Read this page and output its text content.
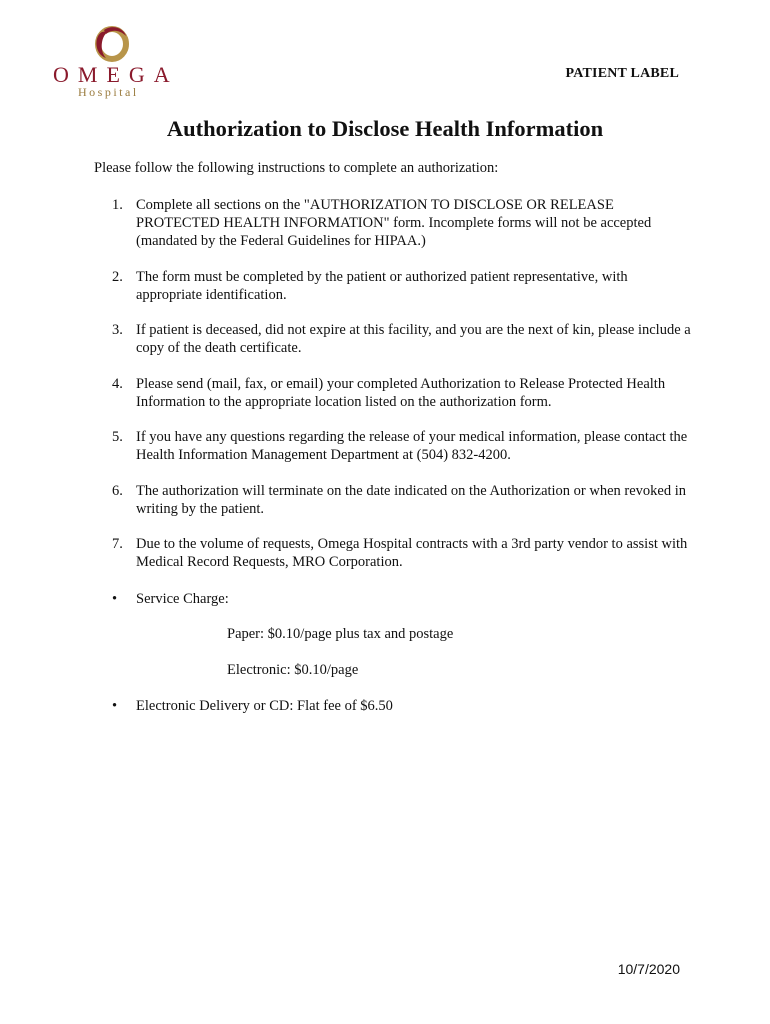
OMEGA
Hospital
PATIENT LABEL
Authorization to Disclose Health Information

Please follow the following instructions to complete an authorization:

1. Complete all sections on the "AUTHORIZATION TO DISCLOSE OR RELEASE PROTECTED HEALTH INFORMATION" form. Incomplete forms will not be accepted (mandated by the Federal Guidelines for HIPAA.)
2. The form must be completed by the patient or authorized patient representative, with appropriate identification.
3. If patient is deceased, did not expire at this facility, and you are the next of kin, please include a copy of the death certificate.
4. Please send (mail, fax, or email) your completed Authorization to Release Protected Health Information to the appropriate location listed on the authorization form.
5. If you have any questions regarding the release of your medical information, please contact the Health Information Management Department at (504) 832-4200.
6. The authorization will terminate on the date indicated on the Authorization or when revoked in writing by the patient.
7. Due to the volume of requests, Omega Hospital contracts with a 3rd party vendor to assist with Medical Record Requests, MRO Corporation.
• Service Charge:
Paper: $0.10/page plus tax and postage
Electronic: $0.10/page
• Electronic Delivery or CD: Flat fee of $6.50
10/7/2020
